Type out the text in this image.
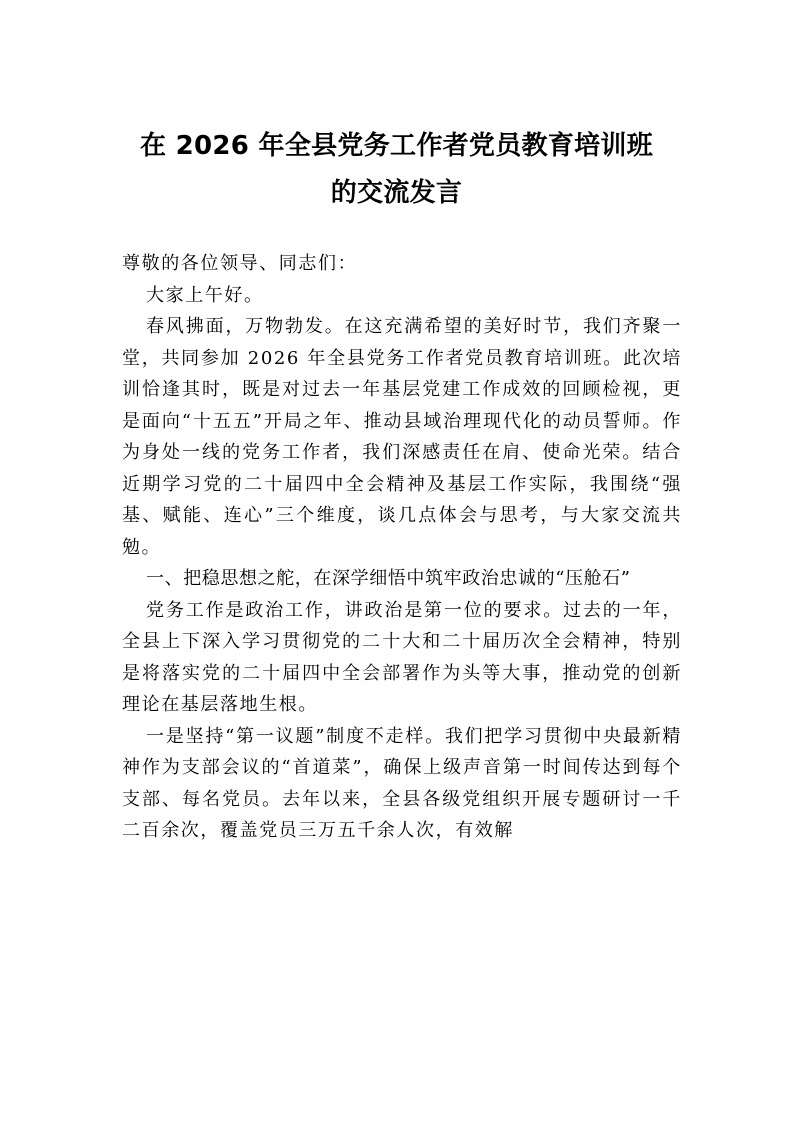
在 2026 年全县党务工作者党员教育培训班
的交流发言

尊敬的各位领导、同志们：

大家上午好。

春风拂面，万物勃发。在这充满希望的美好时节，我们齐聚一堂，共同参加 2026 年全县党务工作者党员教育培训班。此次培训恰逢其时，既是对过去一年基层党建工作成效的回顾检视，更是面向“十五五”开局之年、推动县域治理现代化的动员誓师。作为身处一线的党务工作者，我们深感责任在肩、使命光荣。结合近期学习党的二十届四中全会精神及基层工作实际，我围绕“强基、赋能、连心”三个维度，谈几点体会与思考，与大家交流共勉。

一、把稳思想之舵，在深学细悟中筑牢政治忠诚的“压舱石”

党务工作是政治工作，讲政治是第一位的要求。过去的一年，全县上下深入学习贯彻党的二十大和二十届历次全会精神，特别是将落实党的二十届四中全会部署作为头等大事，推动党的创新理论在基层落地生根。

一是坚持“第一议题”制度不走样。我们把学习贯彻中央最新精神作为支部会议的“首道菜”，确保上级声音第一时间传达到每个支部、每名党员。去年以来，全县各级党组织开展专题研讨一千二百余次，覆盖党员三万五千余人次，有效解
